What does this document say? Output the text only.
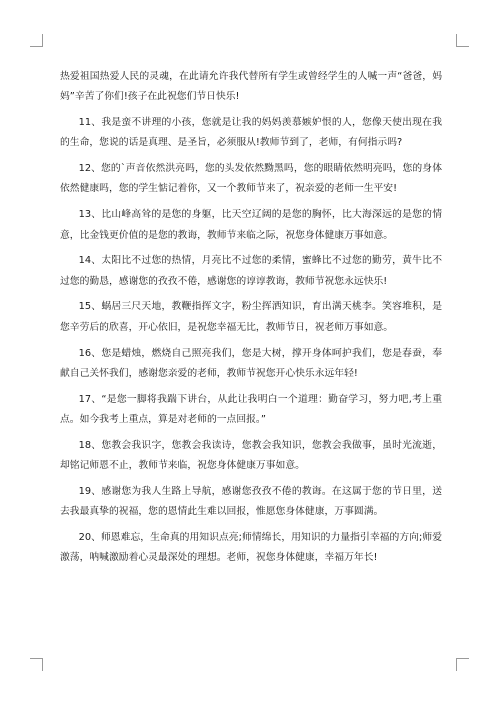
热爱祖国热爱人民的灵魂，在此请允许我代替所有学生或曾经学生的人喊一声“爸爸，妈妈”辛苦了你们!孩子在此祝您们节日快乐!

11、我是蛮不讲理的小孩，您就是让我的妈妈羡慕嫉妒恨的人，您像天使出现在我的生命，您说的话是真理、是圣旨，必须服从!教师节到了，老师，有何指示吗?

12、您的`声音依然洪亮吗，您的头发依然黝黑吗，您的眼睛依然明亮吗，您的身体依然健康吗，您的学生惦记着你，又一个教师节来了，祝亲爱的老师一生平安!

13、比山峰高耸的是您的身躯，比天空辽阔的是您的胸怀，比大海深远的是您的情意，比金钱更价值的是您的教诲，教师节来临之际，祝您身体健康万事如意。

14、太阳比不过您的热情，月亮比不过您的柔情，蜜蜂比不过您的勤劳，黄牛比不过您的勤恳，感谢您的孜孜不倦，感谢您的谆谆教诲，教师节祝您永远快乐!

15、蜗居三尺天地，教鞭指挥文字，粉尘挥洒知识，育出满天桃李。笑容堆积，是您辛劳后的欣喜，开心依旧，是祝您幸福无比，教师节日，祝老师万事如意。

16、您是蜡烛，燃烧自己照亮我们，您是大树，撑开身体呵护我们，您是春蚕，奉献自己关怀我们，感谢您亲爱的老师，教师节祝您开心快乐永远年轻!

17、“是您一脚将我踹下讲台，从此让我明白一个道理：勤奋学习，努力吧,考上重点。如今我考上重点，算是对老师的一点回报。”

18、您教会我识字，您教会我读诗，您教会我知识，您教会我做事，虽时光流逝，却铭记师恩不止，教师节来临，祝您身体健康万事如意。

19、感谢您为我人生路上导航，感谢您孜孜不倦的教诲。在这属于您的节日里，送去我最真挚的祝福，您的恩情此生难以回报，惟愿您身体健康，万事圆满。

20、师恩难忘，生命真的用知识点亮;师情绵长，用知识的力量指引幸福的方向;师爱激荡，呐喊激励着心灵最深处的理想。老师，祝您身体健康，幸福万年长!
